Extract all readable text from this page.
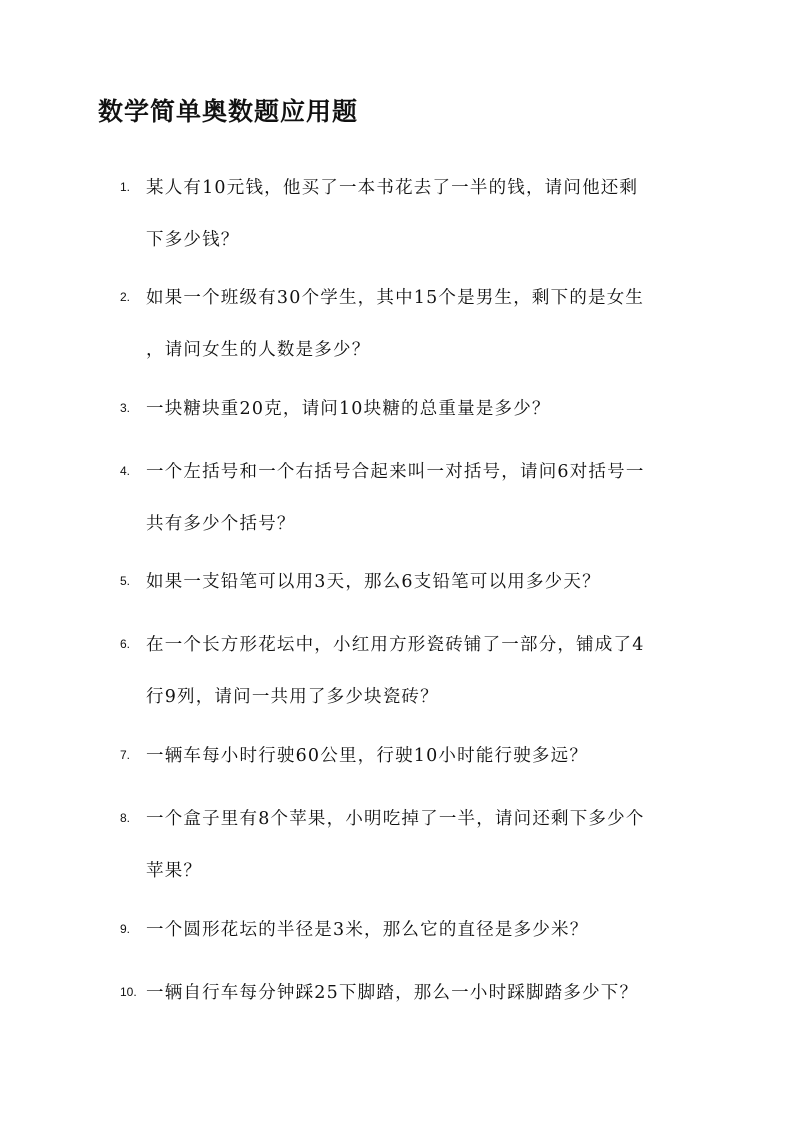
数学简单奥数题应用题
1. 某人有10元钱，他买了一本书花去了一半的钱，请问他还剩
下多少钱？
2. 如果一个班级有30个学生，其中15个是男生，剩下的是女生
，请问女生的人数是多少？
3. 一块糖块重20克，请问10块糖的总重量是多少？
4. 一个左括号和一个右括号合起来叫一对括号，请问6对括号一
共有多少个括号？
5. 如果一支铅笔可以用3天，那么6支铅笔可以用多少天？
6. 在一个长方形花坛中，小红用方形瓷砖铺了一部分，铺成了4
行9列，请问一共用了多少块瓷砖？
7. 一辆车每小时行驶60公里，行驶10小时能行驶多远？
8. 一个盒子里有8个苹果，小明吃掉了一半，请问还剩下多少个
苹果？
9. 一个圆形花坛的半径是3米，那么它的直径是多少米？
10. 一辆自行车每分钟踩25下脚踏，那么一小时踩脚踏多少下？
